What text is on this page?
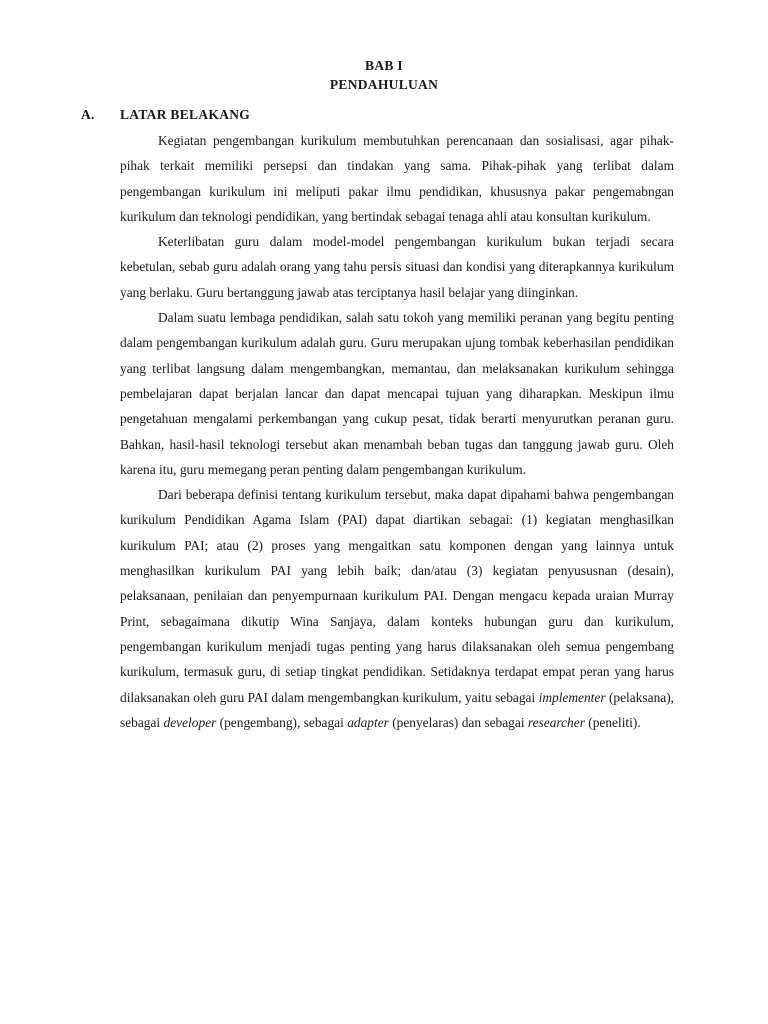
BAB I
PENDAHULUAN
A. LATAR BELAKANG

Kegiatan pengembangan kurikulum membutuhkan perencanaan dan sosialisasi, agar pihak-pihak terkait memiliki persepsi dan tindakan yang sama. Pihak-pihak yang terlibat dalam pengembangan kurikulum ini meliputi pakar ilmu pendidikan, khususnya pakar pengemabngan kurikulum dan teknologi pendidikan, yang bertindak sebagai tenaga ahli atau konsultan kurikulum.

Keterlibatan guru dalam model-model pengembangan kurikulum bukan terjadi secara kebetulan, sebab guru adalah orang yang tahu persis situasi dan kondisi yang diterapkannya kurikulum yang berlaku. Guru bertanggung jawab atas terciptanya hasil belajar yang diinginkan.

Dalam suatu lembaga pendidikan, salah satu tokoh yang memiliki peranan yang begitu penting dalam pengembangan kurikulum adalah guru. Guru merupakan ujung tombak keberhasilan pendidikan yang terlibat langsung dalam mengembangkan, memantau, dan melaksanakan kurikulum sehingga pembelajaran dapat berjalan lancar dan dapat mencapai tujuan yang diharapkan. Meskipun ilmu pengetahuan mengalami perkembangan yang cukup pesat, tidak berarti menyurutkan peranan guru. Bahkan, hasil-hasil teknologi tersebut akan menambah beban tugas dan tanggung jawab guru. Oleh karena itu, guru memegang peran penting dalam pengembangan kurikulum.

Dari beberapa definisi tentang kurikulum tersebut, maka dapat dipahami bahwa pengembangan kurikulum Pendidikan Agama Islam (PAI) dapat diartikan sebagai: (1) kegiatan menghasilkan kurikulum PAI; atau (2) proses yang mengaitkan satu komponen dengan yang lainnya untuk menghasilkan kurikulum PAI yang lebih baik; dan/atau (3) kegiatan penyususnan (desain), pelaksanaan, penilaian dan penyempurnaan kurikulum PAI. Dengan mengacu kepada uraian Murray Print, sebagaimana dikutip Wina Sanjaya, dalam konteks hubungan guru dan kurikulum, pengembangan kurikulum menjadi tugas penting yang harus dilaksanakan oleh semua pengembang kurikulum, termasuk guru, di setiap tingkat pendidikan. Setidaknya terdapat empat peran yang harus dilaksanakan oleh guru PAI dalam mengembangkan kurikulum, yaitu sebagai implementer (pelaksana), sebagai developer (pengembang), sebagai adapter (penyelaras) dan sebagai researcher (peneliti).
